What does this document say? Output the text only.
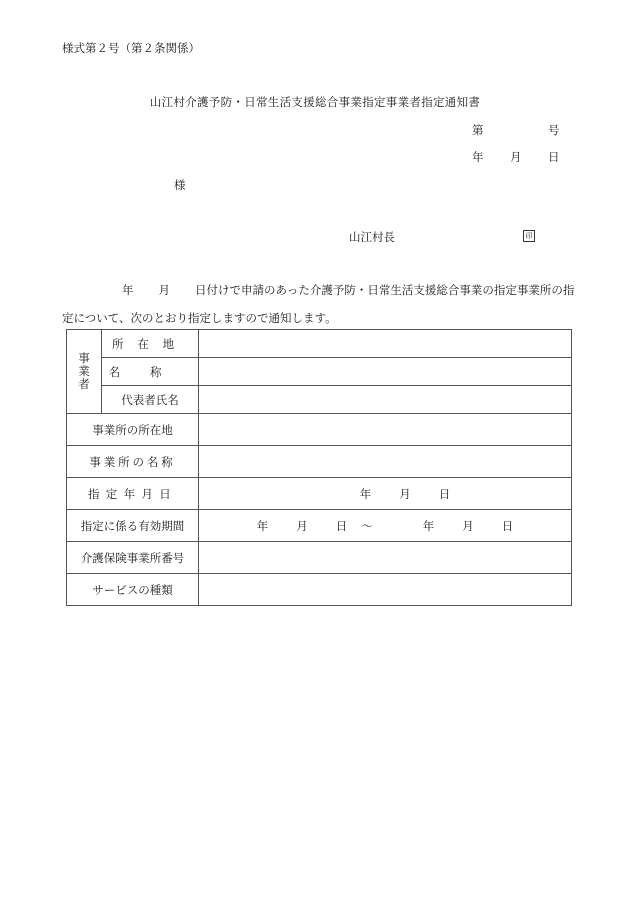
様式第２号（第２条関係）
山江村介護予防・日常生活支援総合事業指定事業者指定通知書
第	号
年 月 日
様
山江村長	印
年 月 日付けで申請のあった介護予防・日常生活支援総合事業の指定事業所の指定について、次のとおり指定しますので通知します。
事
業
者	所在地	
	名称	
	代表者氏名	
事業所の所在地		
事業所の名称		
指定年月日		年 月 日
指定に係る有効期間		年 月 日 ～ 年 月 日
介護保険事業所番号		
サービスの種類		
